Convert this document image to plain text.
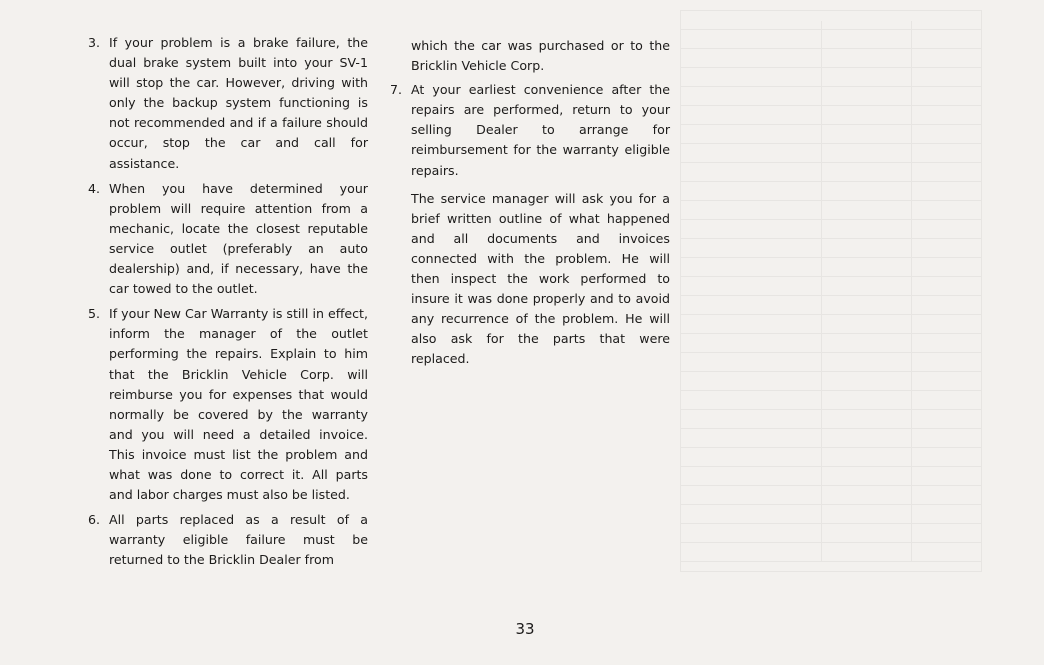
3. If your problem is a brake failure, the dual brake system built into your SV-1 will stop the car. However, driving with only the backup system functioning is not recommended and if a failure should occur, stop the car and call for assistance.
4. When you have determined your problem will require attention from a mechanic, locate the closest reputable service outlet (preferably an auto dealership) and, if necessary, have the car towed to the outlet.
5. If your New Car Warranty is still in effect, inform the manager of the outlet performing the repairs. Explain to him that the Bricklin Vehicle Corp. will reimburse you for expenses that would normally be covered by the warranty and you will need a detailed invoice. This invoice must list the problem and what was done to correct it. All parts and labor charges must also be listed.
6. All parts replaced as a result of a warranty eligible failure must be returned to the Bricklin Dealer from
which the car was purchased or to the Bricklin Vehicle Corp.
7. At your earliest convenience after the repairs are performed, return to your selling Dealer to arrange for reimbursement for the warranty eligible repairs.
The service manager will ask you for a brief written outline of what happened and all documents and invoices connected with the problem. He will then inspect the work performed to insure it was done properly and to avoid any recurrence of the problem. He will also ask for the parts that were replaced.
33
